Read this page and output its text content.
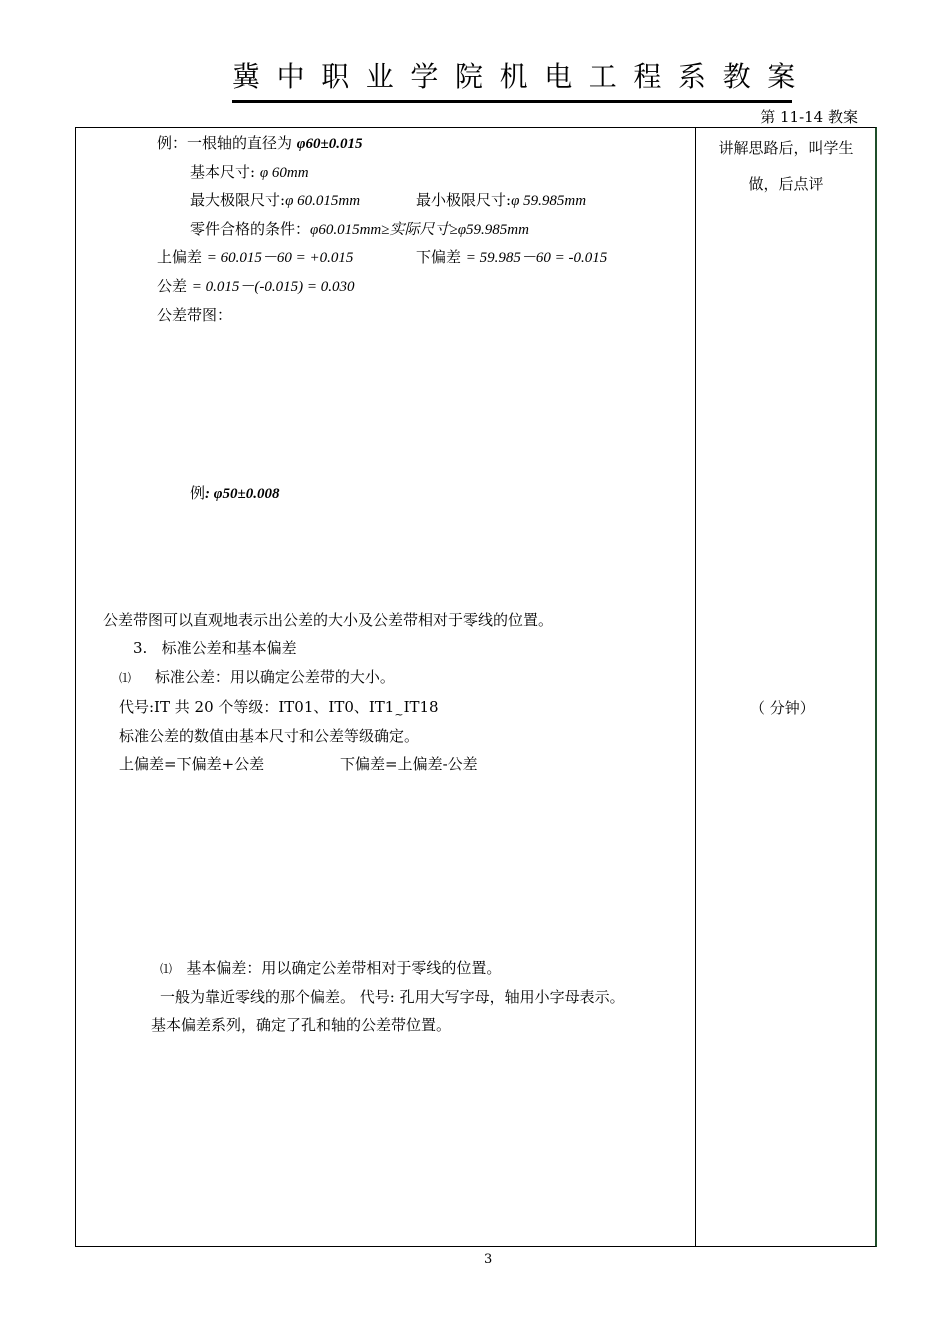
冀中职业学院机电工程系教案
第 11-14 教案
例：一根轴的直径为 φ60±0.015
基本尺寸: φ 60mm
最大极限尺寸:φ 60.015mm	最小极限尺寸:φ 59.985mm
零件合格的条件：φ60.015mm≥实际尺寸≥φ59.985mm
上偏差 = 60.015－60 = +0.015	下偏差 = 59.985－60 = -0.015
公差 = 0.015－(-0.015) = 0.030
公差带图：
例: φ50±0.008
公差带图可以直观地表示出公差的大小及公差带相对于零线的位置。
3. 标准公差和基本偏差
⑴ 标准公差：用以确定公差带的大小。
代号:IT 共 20 个等级：IT01、IT0、$IT1_\sim IT18$
标准公差的数值由基本尺寸和公差等级确定。
上偏差=下偏差+公差	下偏差=上偏差-公差
⑴ 基本偏差：用以确定公差带相对于零线的位置。
一般为靠近零线的那个偏差。 代号: 孔用大写字母，轴用小字母表示。
基本偏差系列，确定了孔和轴的公差带位置。
讲解思路后，叫学生
做，后点评
（ 分钟）
3
